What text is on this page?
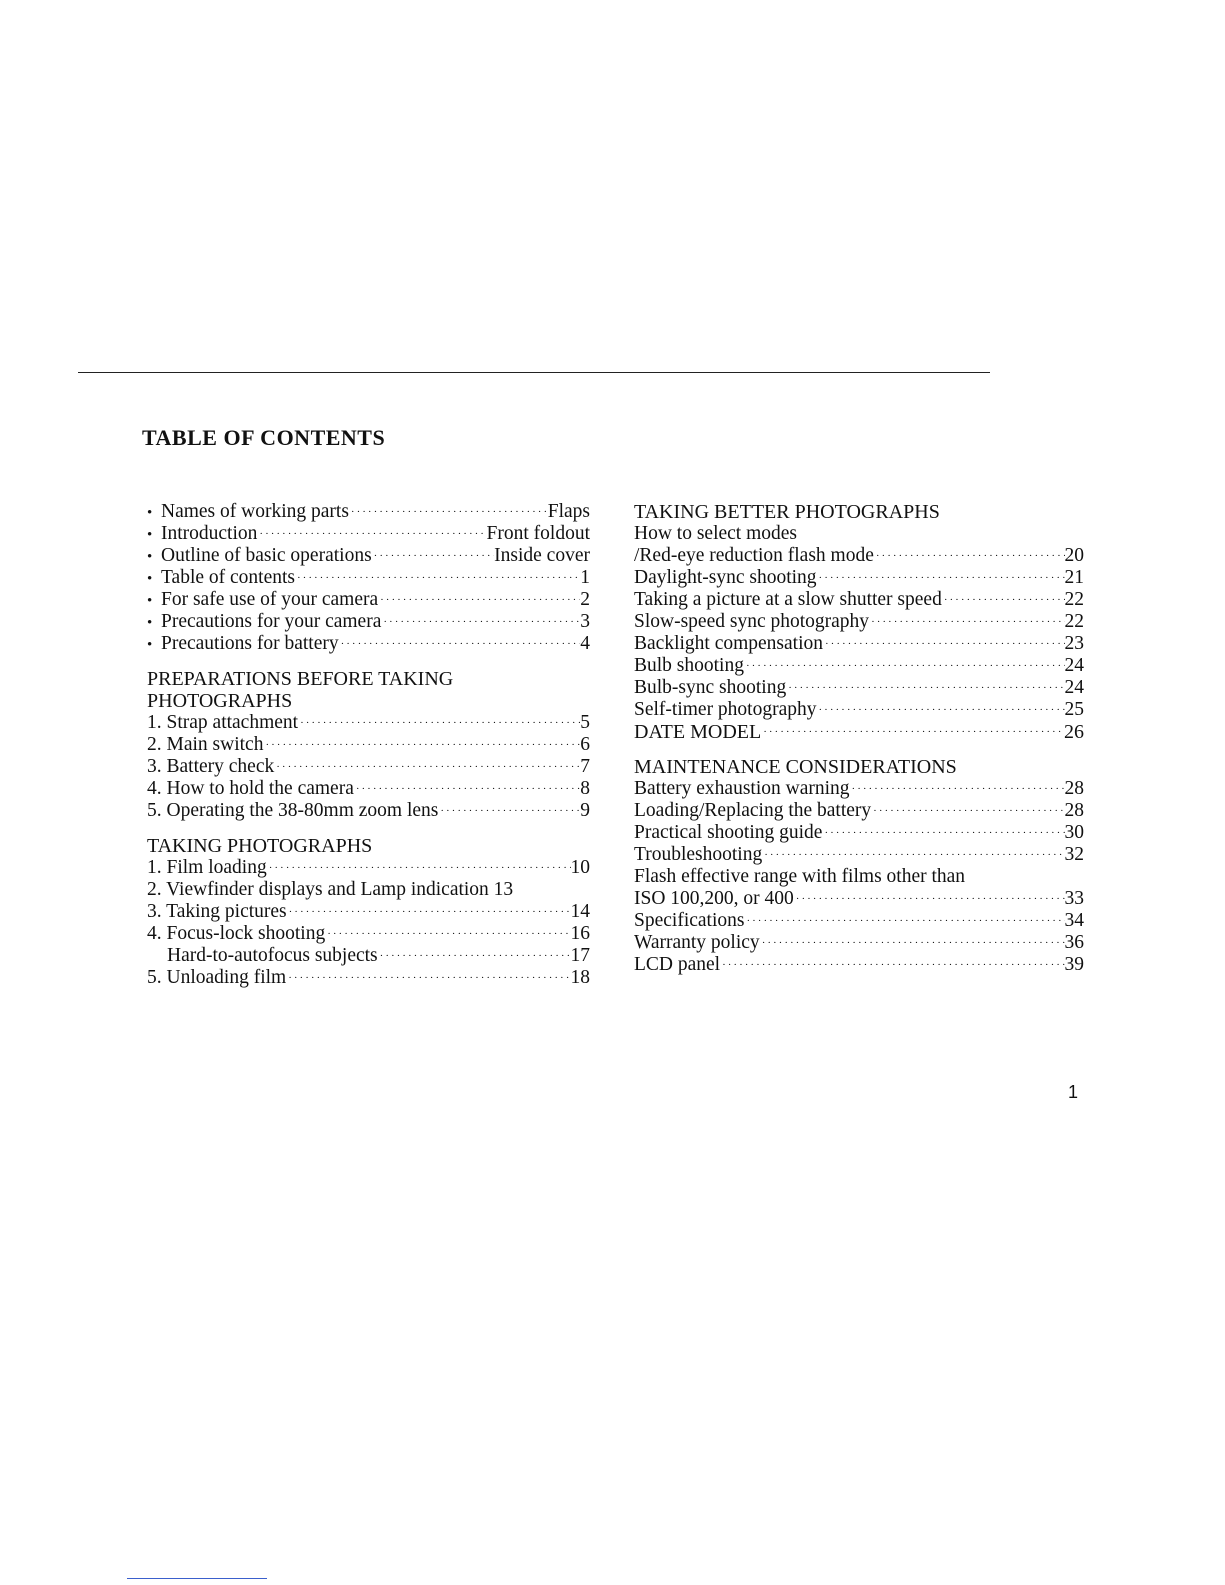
TABLE OF CONTENTS
• Names of working parts ·····	Flaps
• Introduction ·····	Front foldout
• Outline of basic operations ·····	Inside cover
• Table of contents ·····	1
• For safe use of your camera ·····	2
• Precautions for your camera ·····	3
• Precautions for battery ·····	4
PREPARATIONS BEFORE TAKING
PHOTOGRAPHS
1. Strap attachment ·····	5
2. Main switch ·····	6
3. Battery check ·····	7
4. How to hold the camera ·····	8
5. Operating the 38-80mm zoom lens ·····	9
TAKING PHOTOGRAPHS
1. Film loading ·····	10
2. Viewfinder displays and Lamp indication 13
3. Taking pictures ·····	14
4. Focus-lock shooting ·····	16
Hard-to-autofocus subjects ·····	17
5. Unloading film ·····	18
TAKING BETTER PHOTOGRAPHS
How to select modes
/Red-eye reduction flash mode ·····	20
Daylight-sync shooting ·····	21
Taking a picture at a slow shutter speed ·····	22
Slow-speed sync photography ·····	22
Backlight compensation ·····	23
Bulb shooting ·····	24
Bulb-sync shooting ·····	24
Self-timer photography ·····	25
DATE MODEL ·····	26
MAINTENANCE CONSIDERATIONS
Battery exhaustion warning ·····	28
Loading/Replacing the battery ·····	28
Practical shooting guide ·····	30
Troubleshooting ·····	32
Flash effective range with films other than
ISO 100,200, or 400 ·····	33
Specifications ·····	34
Warranty policy ·····	36
LCD panel ·····	39
1
